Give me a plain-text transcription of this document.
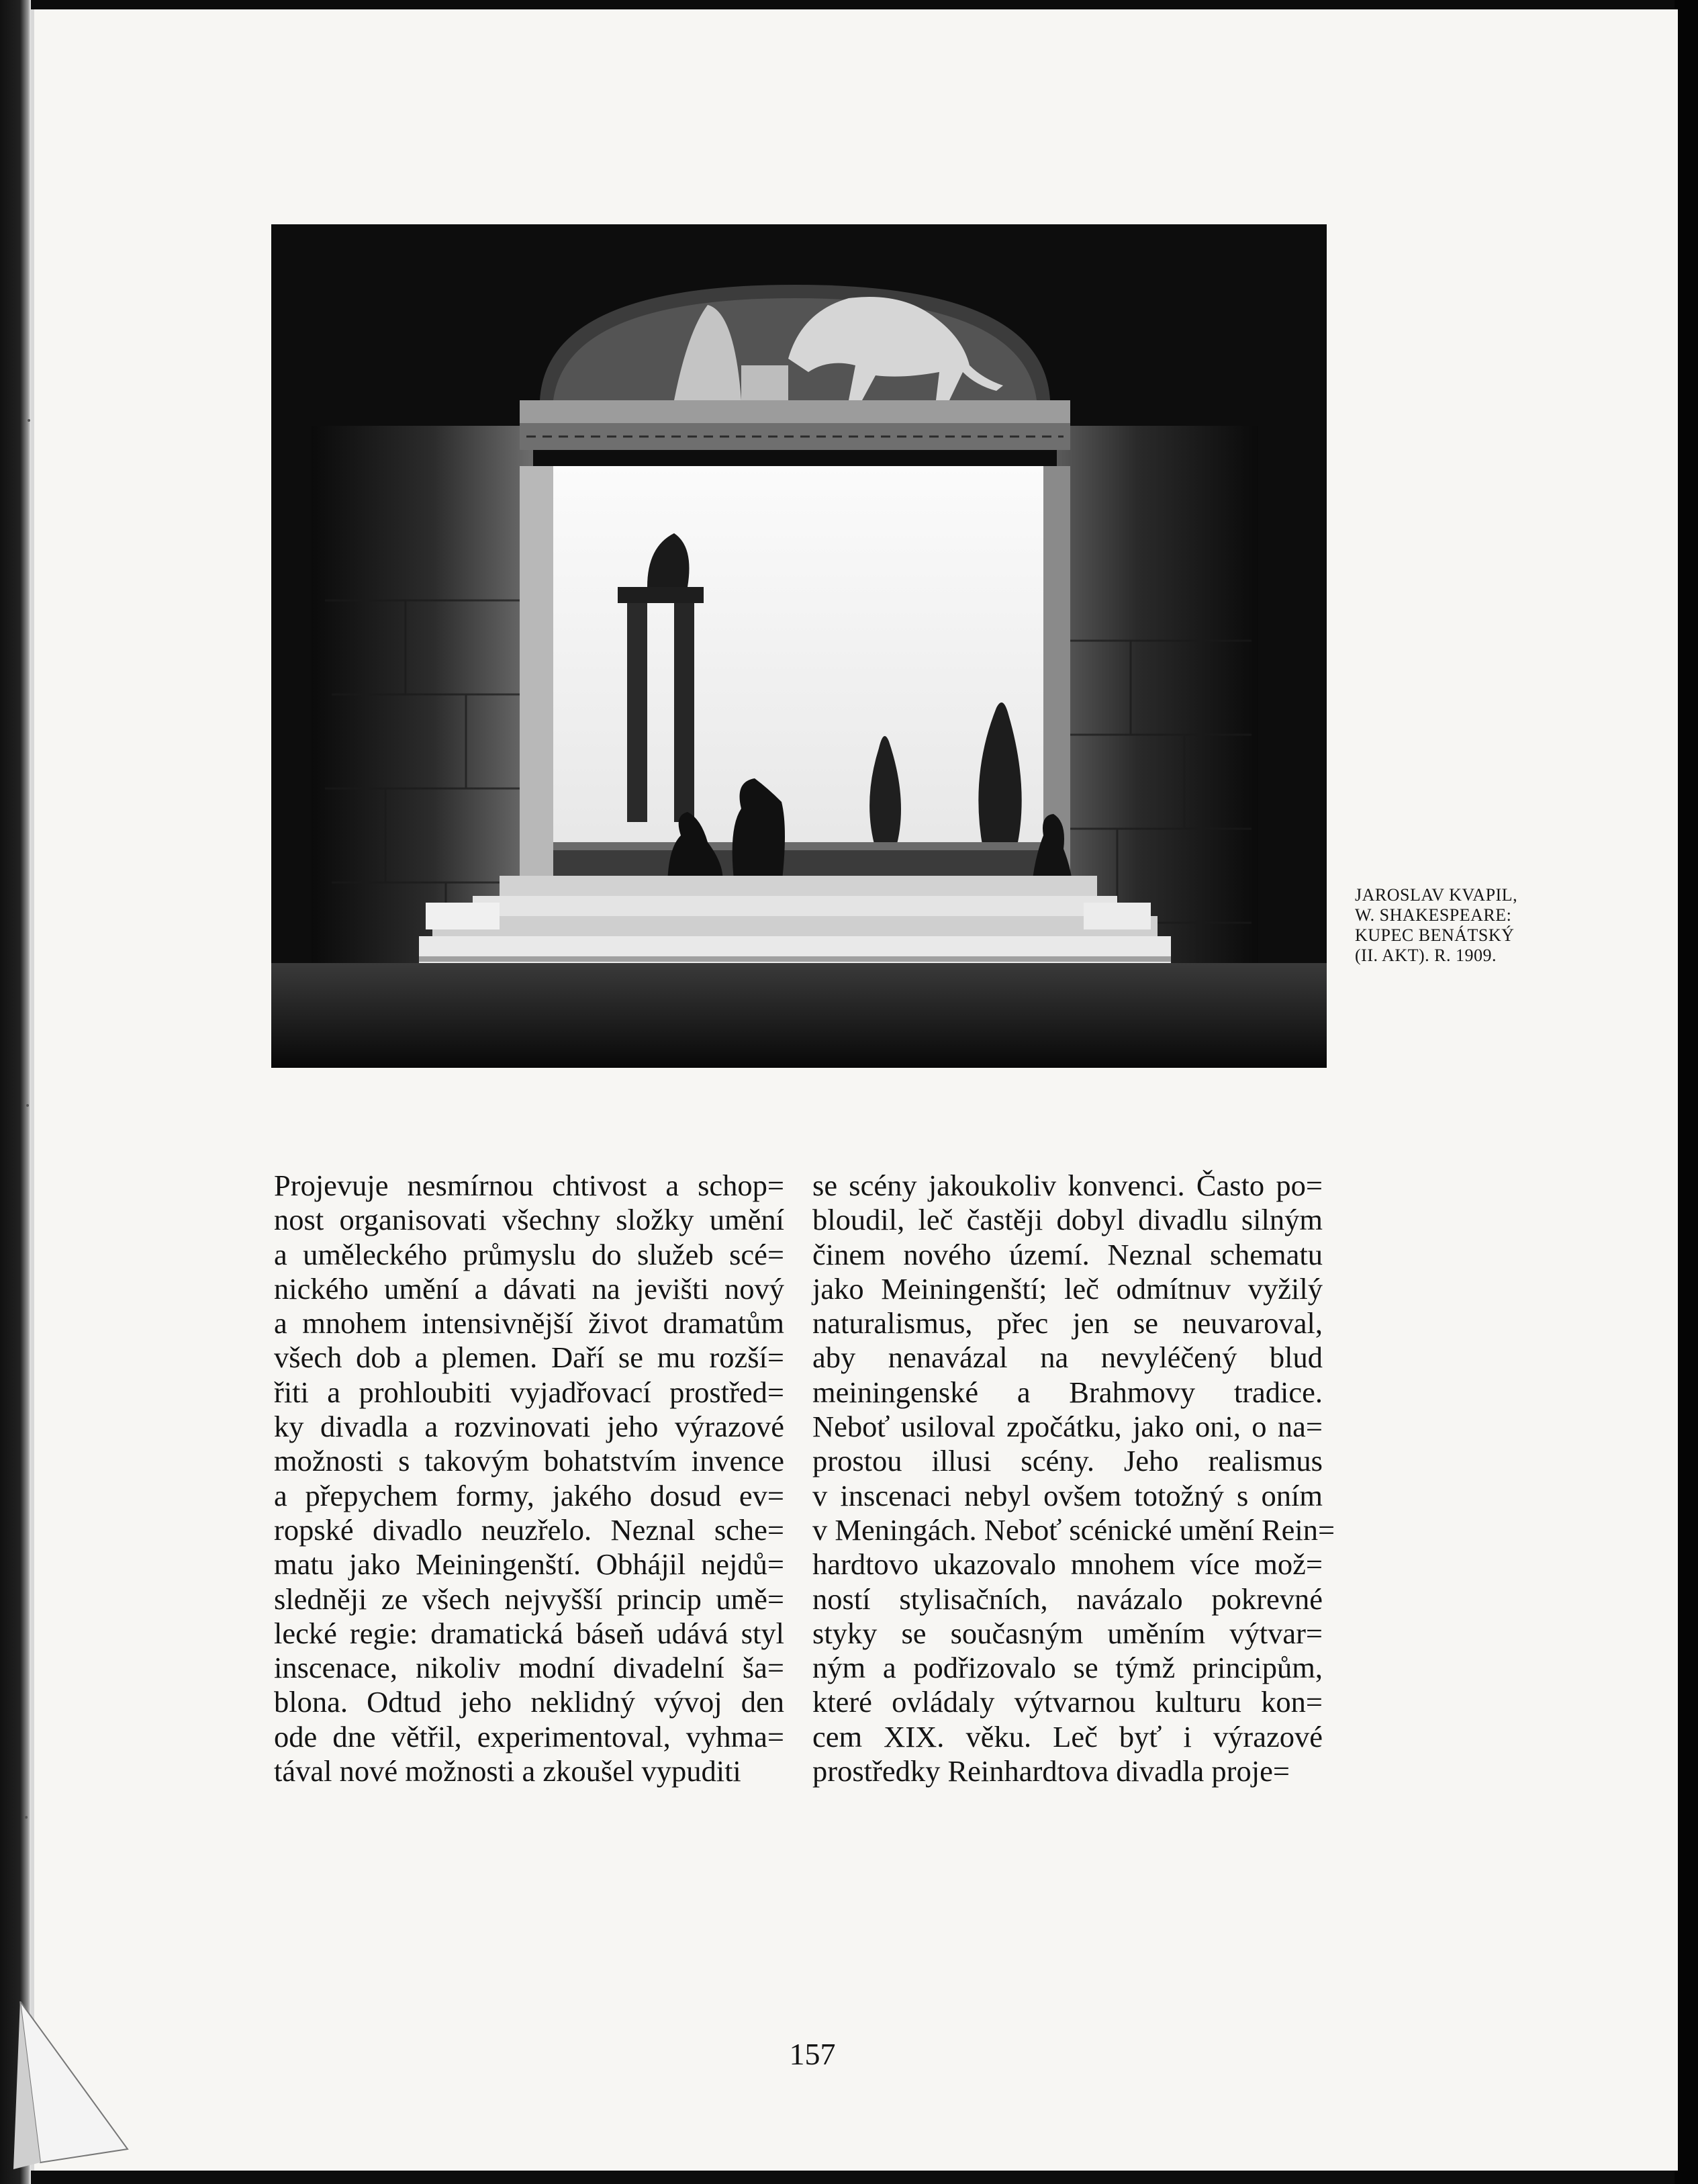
JAROSLAV KVAPIL,
W. SHAKESPEARE:
KUPEC BENÁTSKÝ
(II. AKT). R. 1909.
Projevuje nesmírnou chtivost a schop=
nost organisovati všechny složky umění
a uměleckého průmyslu do služeb scé=
nického umění a dávati na jevišti nový
a mnohem intensivnější život dramatům
všech dob a plemen. Daří se mu rozší=
řiti a prohloubiti vyjadřovací prostřed=
ky divadla a rozvinovati jeho výrazové
možnosti s takovým bohatstvím invence
a přepychem formy, jakého dosud ev=
ropské divadlo neuzřelo. Neznal sche=
matu jako Meiningenští. Obhájil nejdů=
sledněji ze všech nejvyšší princip umě=
lecké regie: dramatická báseň udává styl
inscenace, nikoliv modní divadelní ša=
blona. Odtud jeho neklidný vývoj den
ode dne větřil, experimentoval, vyhma=
tával nové možnosti a zkoušel vypuditi
se scény jakoukoliv konvenci. Často po=
bloudil, leč častěji dobyl divadlu silným
činem nového území. Neznal schematu
jako Meiningenští; leč odmítnuv vyžilý
naturalismus, přec jen se neuvaroval,
aby nenavázal na nevyléčený blud
meiningenské a Brahmovy tradice.
Neboť usiloval zpočátku, jako oni, o na=
prostou illusi scény. Jeho realismus
v inscenaci nebyl ovšem totožný s oním
v Meningách. Neboť scénické umění Rein=
hardtovo ukazovalo mnohem více mož=
ností stylisačních, navázalo pokrevné
styky se současným uměním výtvar=
ným a podřizovalo se týmž principům,
které ovládaly výtvarnou kulturu kon=
cem XIX. věku. Leč byť i výrazové
prostředky Reinhardtova divadla proje=
157
